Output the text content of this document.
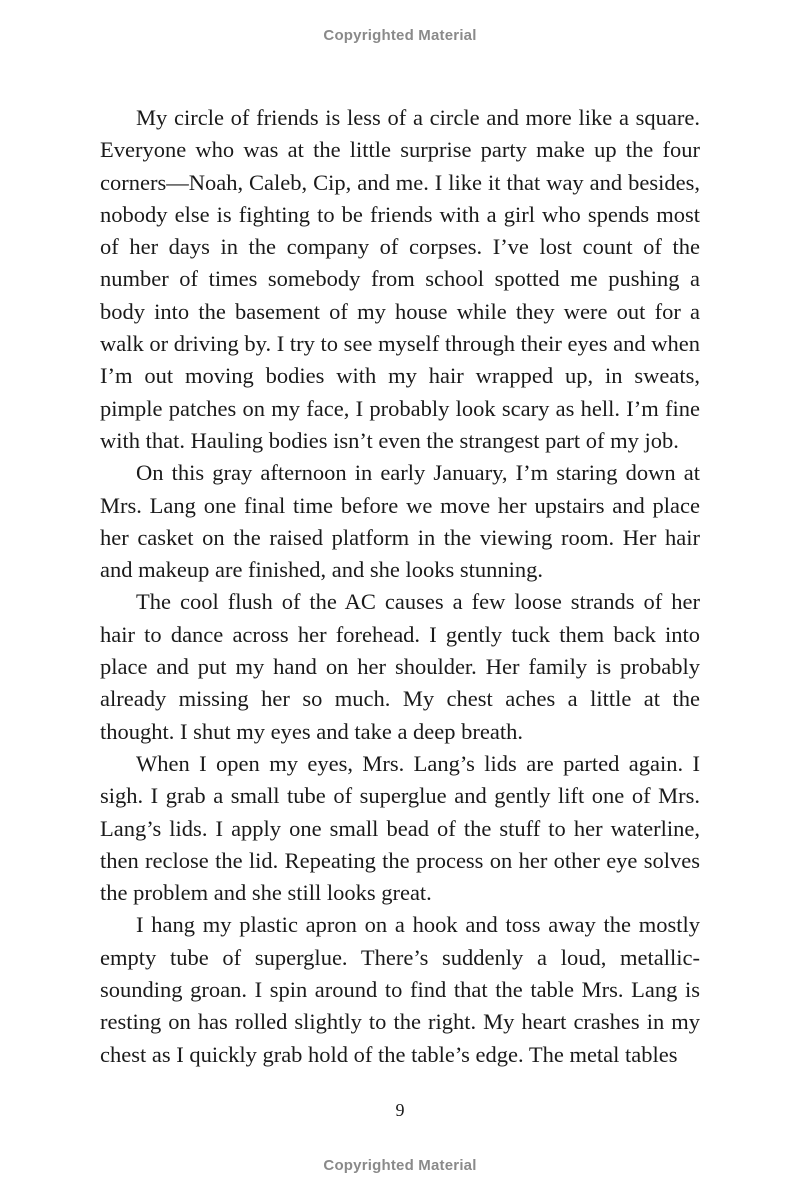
Copyrighted Material

My circle of friends is less of a circle and more like a square. Everyone who was at the little surprise party make up the four corners—Noah, Caleb, Cip, and me. I like it that way and besides, nobody else is fighting to be friends with a girl who spends most of her days in the company of corpses. I’ve lost count of the number of times somebody from school spotted me pushing a body into the basement of my house while they were out for a walk or driving by. I try to see myself through their eyes and when I’m out moving bodies with my hair wrapped up, in sweats, pimple patches on my face, I probably look scary as hell. I’m fine with that. Hauling bodies isn’t even the strangest part of my job.

On this gray afternoon in early January, I’m staring down at Mrs. Lang one final time before we move her upstairs and place her casket on the raised platform in the viewing room. Her hair and makeup are finished, and she looks stunning.

The cool flush of the AC causes a few loose strands of her hair to dance across her forehead. I gently tuck them back into place and put my hand on her shoulder. Her family is probably already missing her so much. My chest aches a little at the thought. I shut my eyes and take a deep breath.

When I open my eyes, Mrs. Lang’s lids are parted again. I sigh. I grab a small tube of superglue and gently lift one of Mrs. Lang’s lids. I apply one small bead of the stuff to her waterline, then reclose the lid. Repeating the process on her other eye solves the problem and she still looks great.

I hang my plastic apron on a hook and toss away the mostly empty tube of superglue. There’s suddenly a loud, metallic-sounding groan. I spin around to find that the table Mrs. Lang is resting on has rolled slightly to the right. My heart crashes in my chest as I quickly grab hold of the table’s edge. The metal tables

9
Copyrighted Material
